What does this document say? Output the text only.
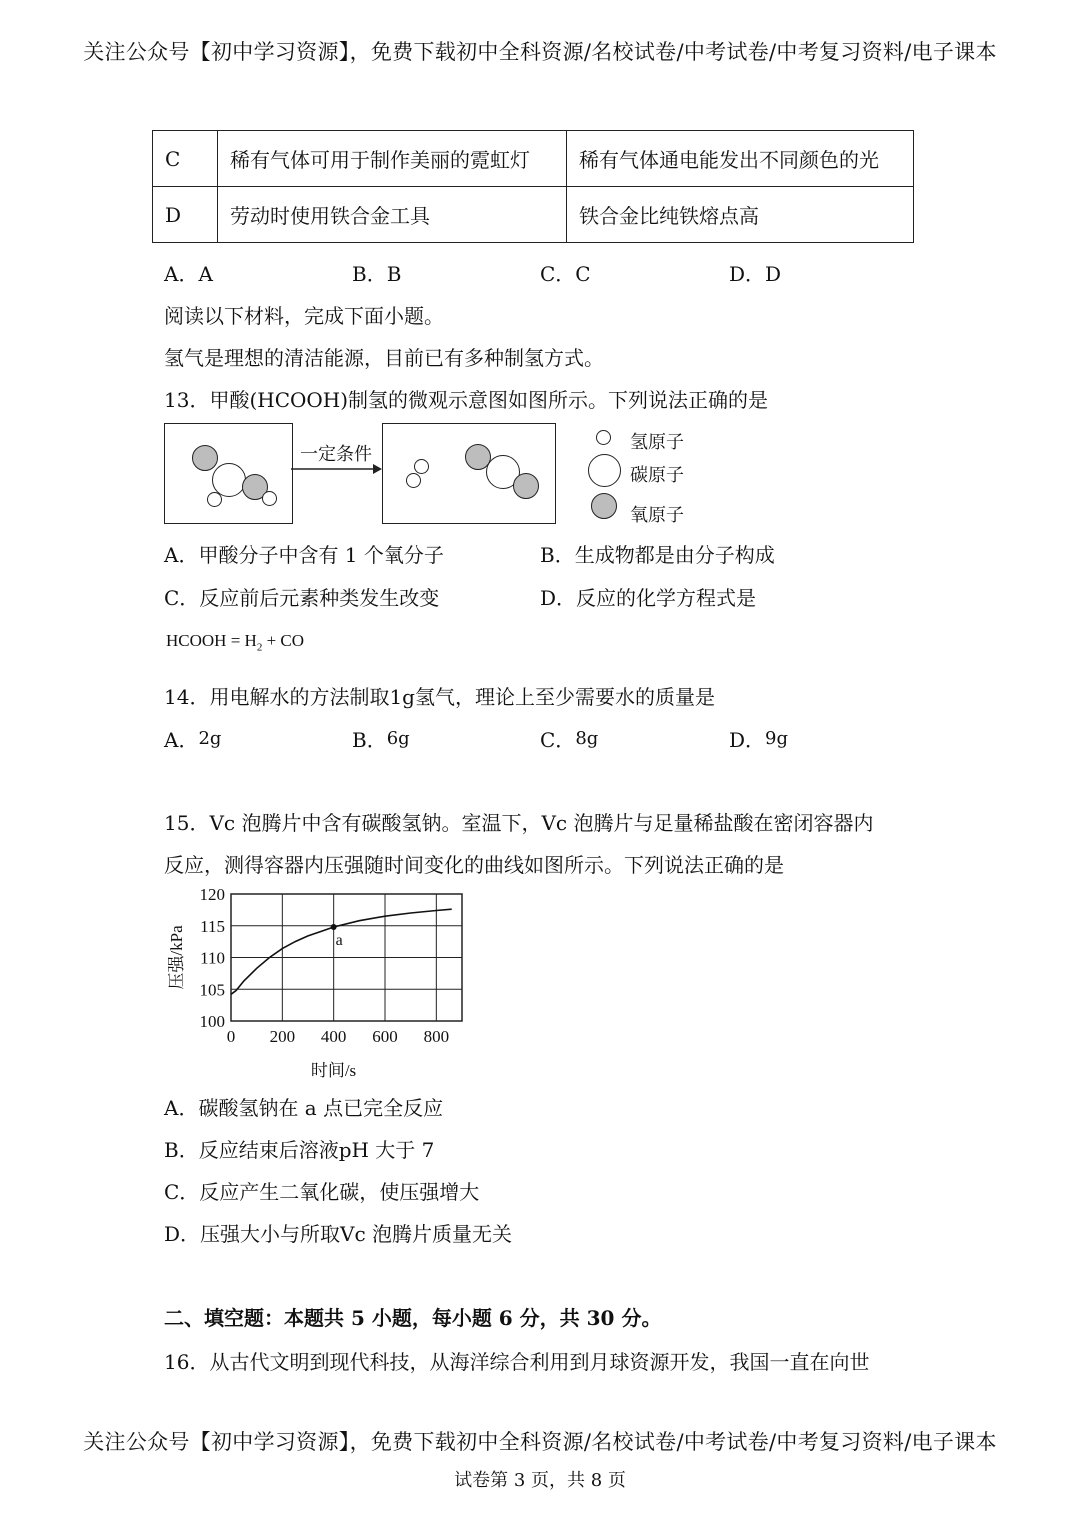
关注公众号【初中学习资源】，免费下载初中全科资源/名校试卷/中考试卷/中考复习资料/电子课本
C	稀有气体可用于制作美丽的霓虹灯	稀有气体通电能发出不同颜色的光
D	劳动时使用铁合金工具	铁合金比纯铁熔点高
A．A	B．B	C．C	D．D
阅读以下材料，完成下面小题。
氢气是理想的清洁能源，目前已有多种制氢方式。
13．甲酸(HCOOH)制氢的微观示意图如图所示。下列说法正确的是
一定条件
氢原子
碳原子
氧原子
A．甲酸分子中含有 1 个氧分子	B．生成物都是由分子构成
C．反应前后元素种类发生改变	D．反应的化学方程式是
HCOOH = $H_2$ + CO
14．用电解水的方法制取1g氢气，理论上至少需要水的质量是
A．2g	B．6g	C．8g	D．9g
15．Vc 泡腾片中含有碳酸氢钠。室温下，Vc 泡腾片与足量稀盐酸在密闭容器内
反应，测得容器内压强随时间变化的曲线如图所示。下列说法正确的是
0 200 400 600 800
100
105
110
115
120
a
压强/kPa
时间/s
A．碳酸氢钠在 a 点已完全反应
B．反应结束后溶液pH 大于 7
C．反应产生二氧化碳，使压强增大
D．压强大小与所取Vc 泡腾片质量无关
二、填空题：本题共 5 小题，每小题 6 分，共 30 分。
16．从古代文明到现代科技，从海洋综合利用到月球资源开发，我国一直在向世
关注公众号【初中学习资源】，免费下载初中全科资源/名校试卷/中考试卷/中考复习资料/电子课本
试卷第 3 页，共 8 页
